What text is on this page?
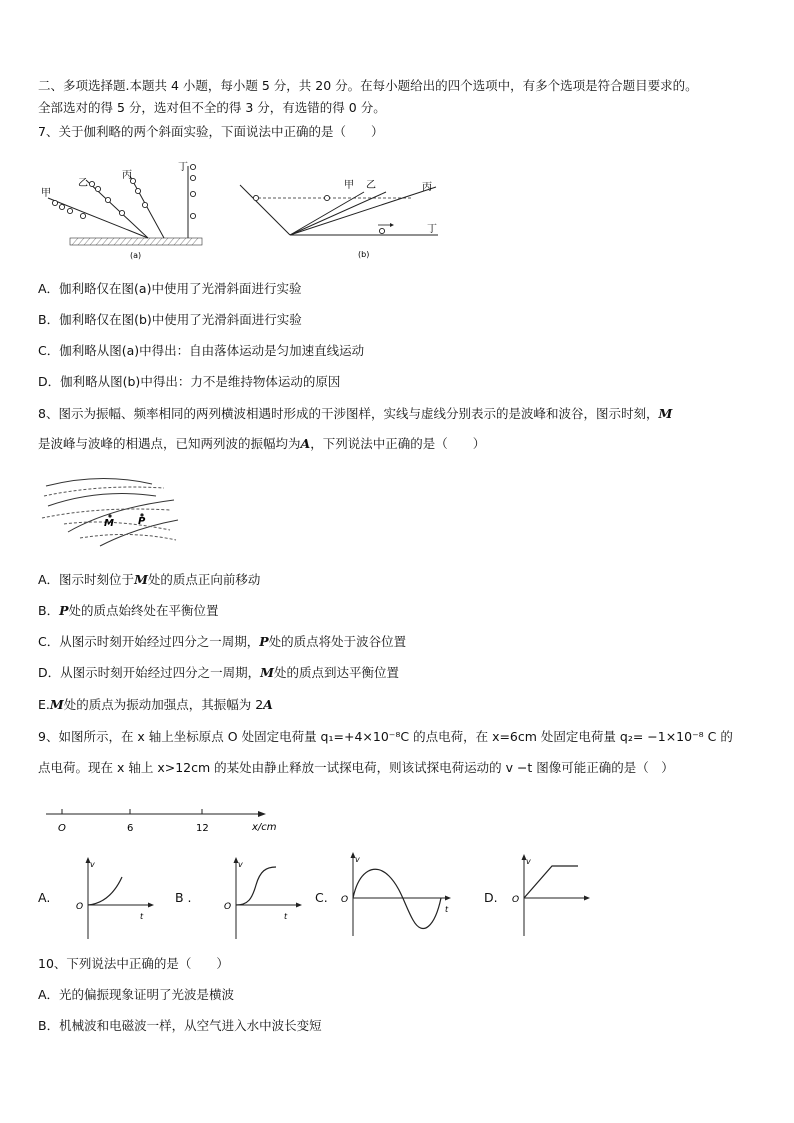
二、多项选择题.本题共 4 小题，每小题 5 分，共 20 分。在每小题给出的四个选项中，有多个选项是符合题目要求的。
全部选对的得 5 分，选对但不全的得 3 分，有选错的得 0 分。
7、关于伽利略的两个斜面实验，下面说法中正确的是（　　）
甲
乙
丙
丁
(a)
甲 乙	丙
丁
(b)
A．伽利略仅在图(a)中使用了光滑斜面进行实验
B．伽利略仅在图(b)中使用了光滑斜面进行实验
C．伽利略从图(a)中得出：自由落体运动是匀加速直线运动
D．伽利略从图(b)中得出：力不是维持物体运动的原因
8、图示为振幅、频率相同的两列横波相遇时形成的干涉图样，实线与虚线分别表示的是波峰和波谷，图示时刻，M
是波峰与波峰的相遇点，已知两列波的振幅均为A，下列说法中正确的是（　　）
M P
A．图示时刻位于M处的质点正向前移动
B．P处的质点始终处在平衡位置
C．从图示时刻开始经过四分之一周期，P处的质点将处于波谷位置
D．从图示时刻开始经过四分之一周期，M处的质点到达平衡位置
E.M处的质点为振动加强点，其振幅为 2A
9、如图所示，在 x 轴上坐标原点 O 处固定电荷量 q₁=+4×10⁻⁸C 的点电荷，在 x=6cm 处固定电荷量 q₂= −1×10⁻⁸ C 的
点电荷。现在 x 轴上 x>12cm 的某处由静止释放一试探电荷，则该试探电荷运动的 v −t 图像可能正确的是（　）
O	6	12	x/cm
A.
v
O
t
B .
v
O
t
C.
v
O
t
D.
v
O
10、下列说法中正确的是（　　）
A．光的偏振现象证明了光波是横波
B．机械波和电磁波一样，从空气进入水中波长变短
